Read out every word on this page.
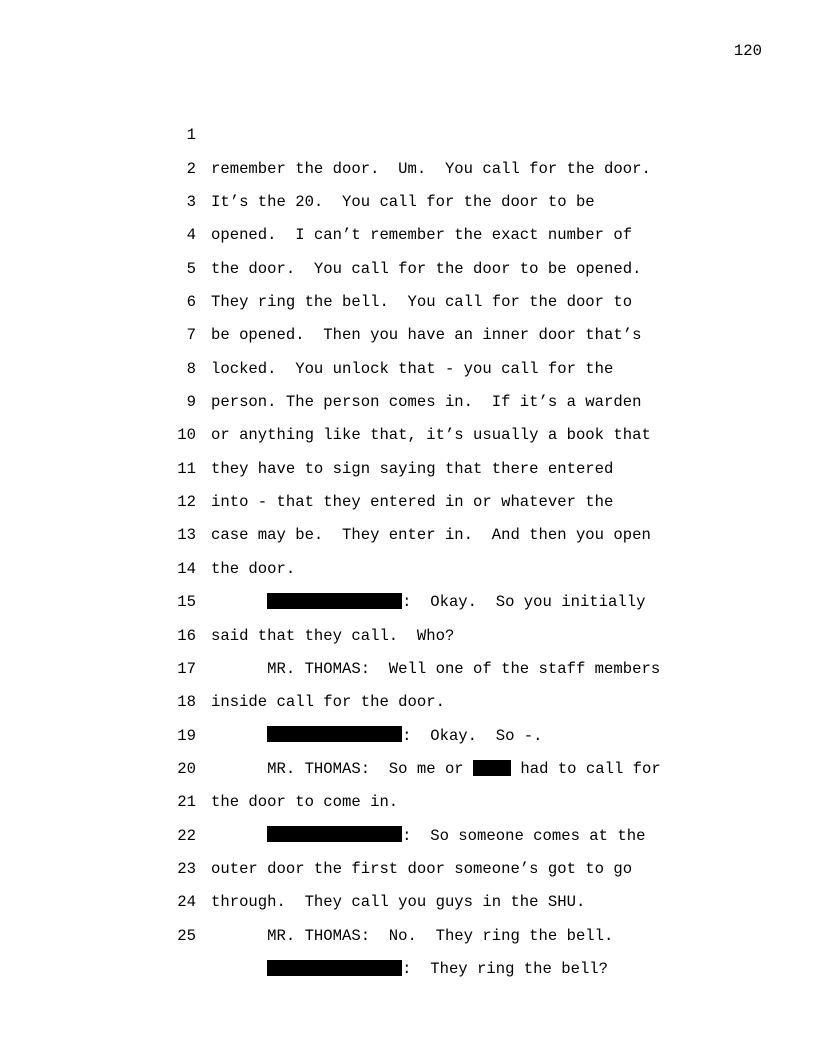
120

1

remember the door.  Um.  You call for the door.

2

It’s the 20.  You call for the door to be

3

opened.  I can’t remember the exact number of

4

the door.  You call for the door to be opened.

5

They ring the bell.  You call for the door to

6

be opened.  Then you have an inner door that’s

7

locked.  You unlock that - you call for the

8

person. The person comes in.  If it’s a warden

9

or anything like that, it’s usually a book that

10

they have to sign saying that there entered

11

into - that they entered in or whatever the

12

case may be.  They enter in.  And then you open

13

the door.

14

:  Okay.  So you initially

15

said that they call.  Who?

16

MR. THOMAS:  Well one of the staff members

17

inside call for the door.

18

:  Okay.  So -.

19

MR. THOMAS:  So me or  had to call for

20

the door to come in.

21

:  So someone comes at the

22

outer door the first door someone’s got to go

23

through.  They call you guys in the SHU.

24

MR. THOMAS:  No.  They ring the bell.

25

:  They ring the bell?
